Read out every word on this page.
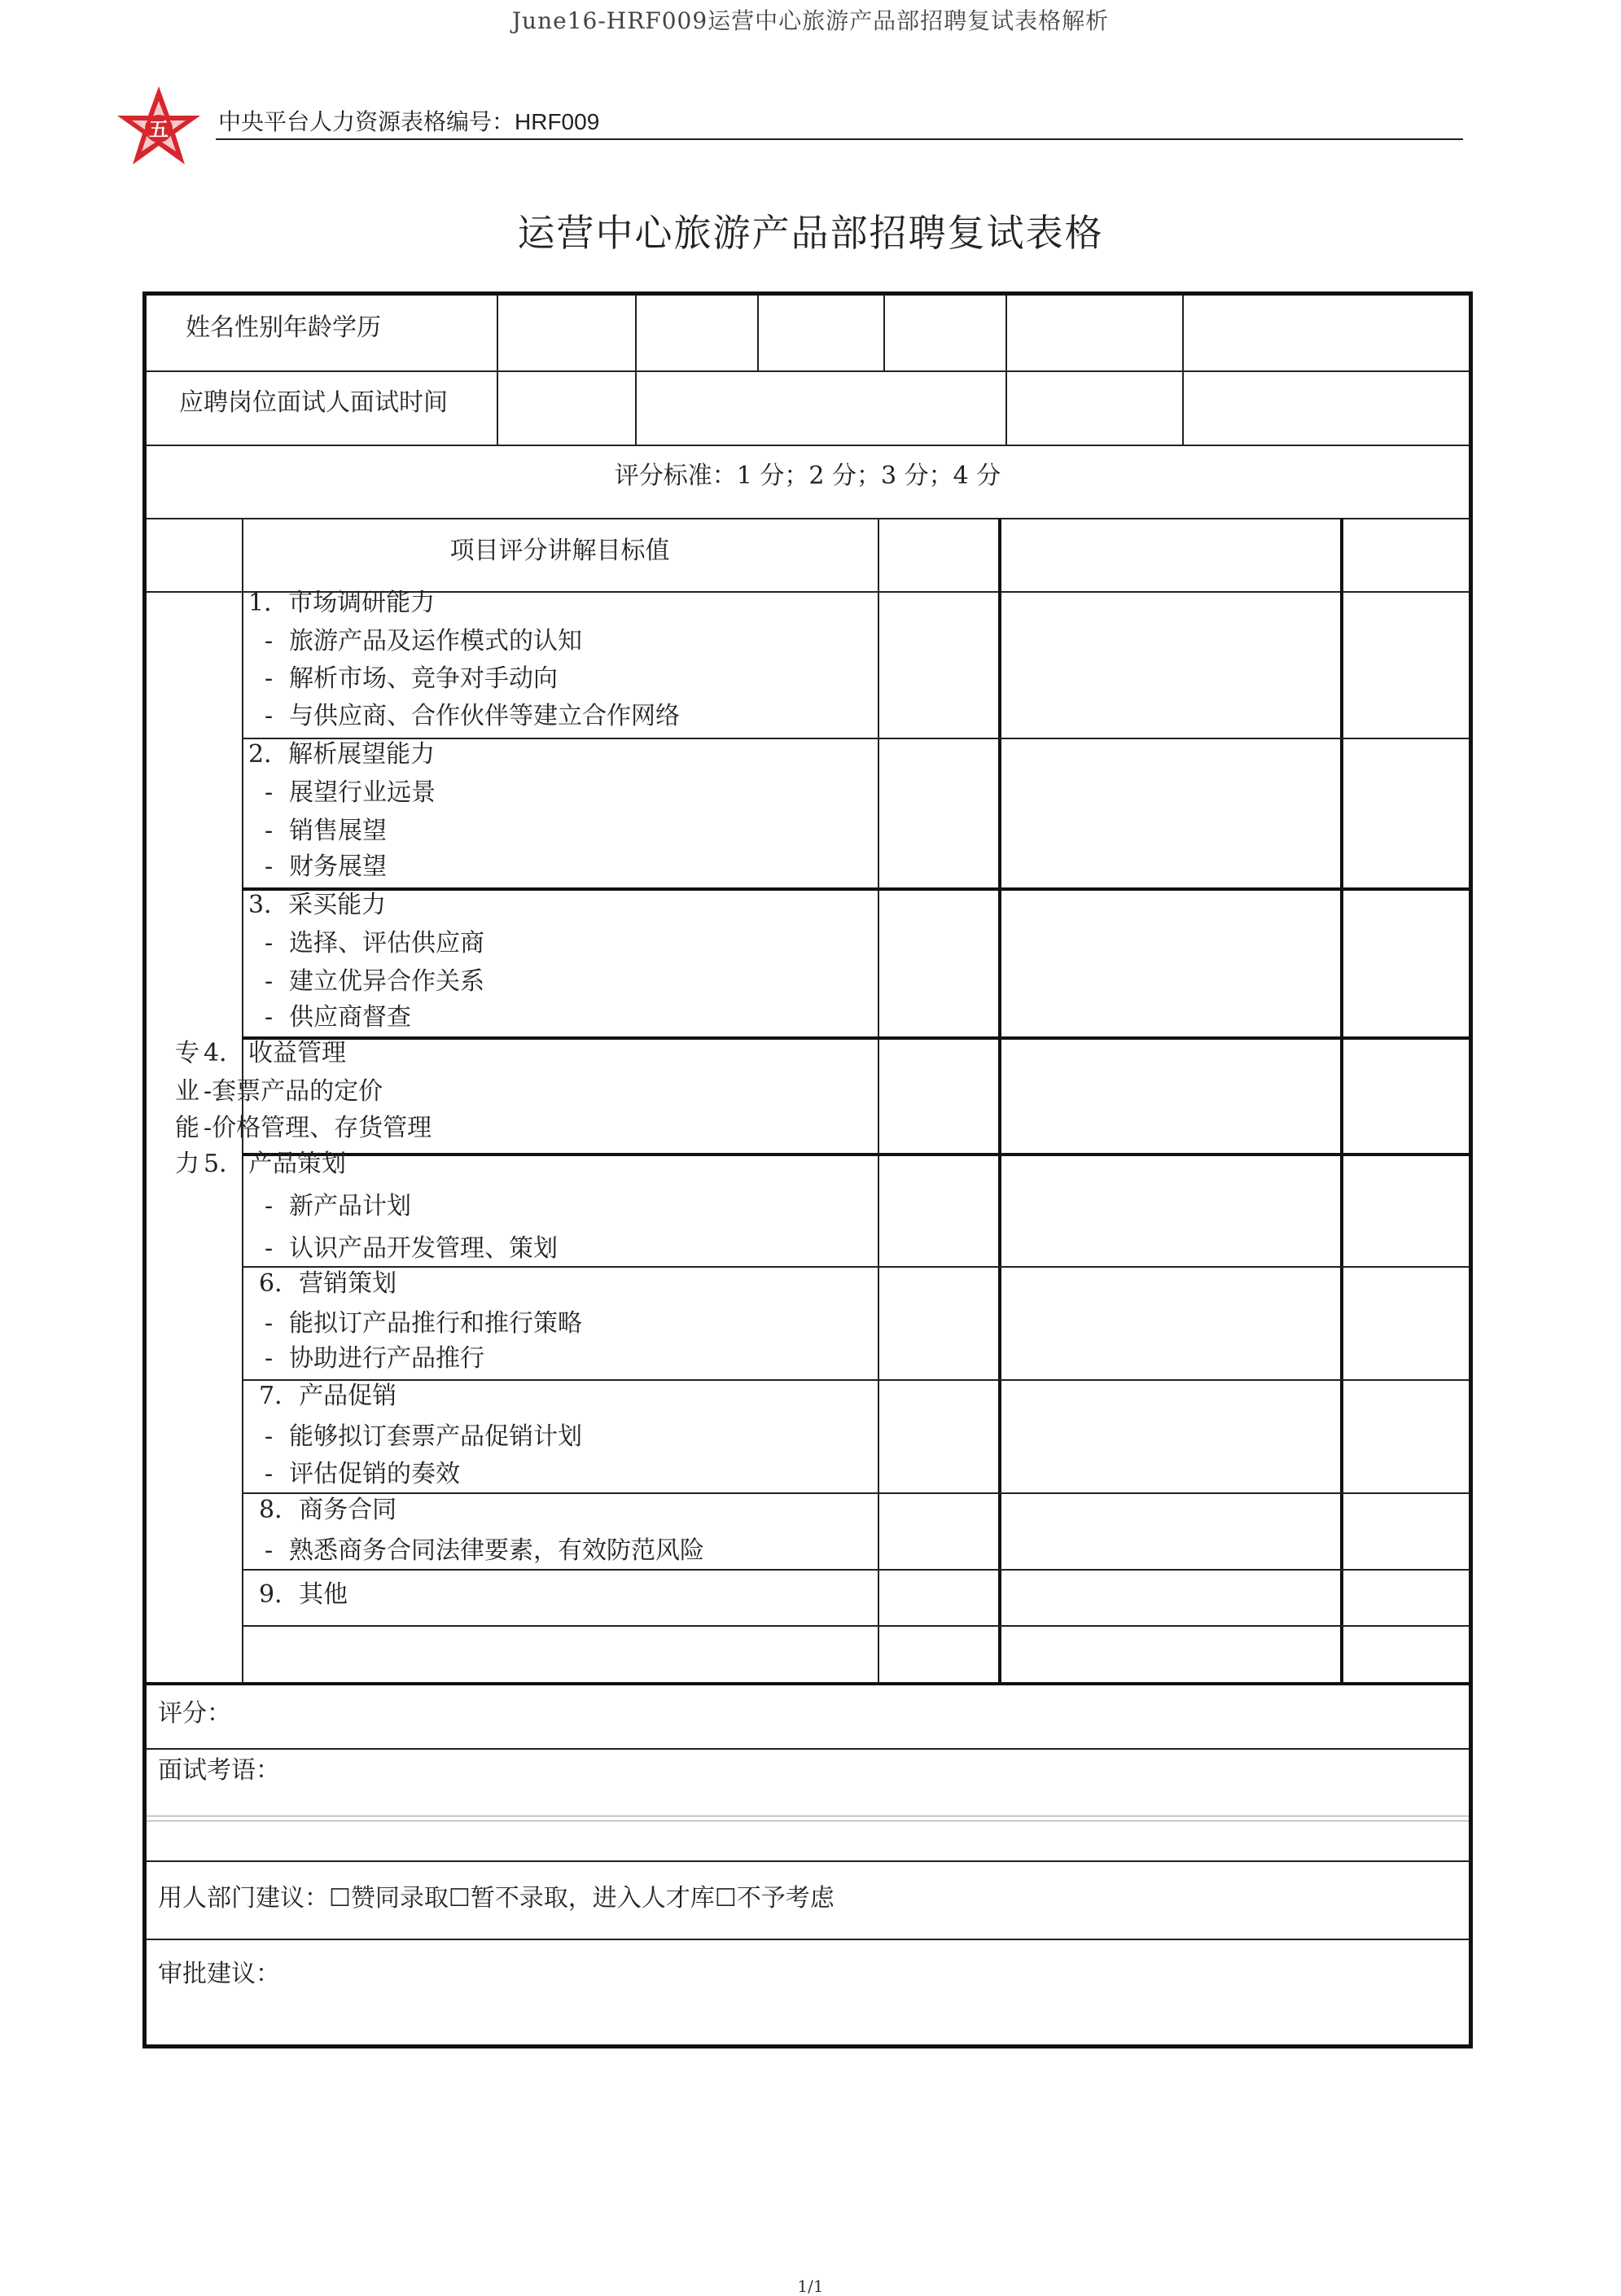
June16-HRF009运营中心旅游产品部招聘复试表格解析
五 中央平台人力资源表格编号：HRF009
运营中心旅游产品部招聘复试表格
姓名性别年龄学历
应聘岗位面试人面试时间
评分标准：1 分；2 分；3 分；4 分
项目评分讲解目标值
1．市场调研能力
- 旅游产品及运作模式的认知
- 解析市场、竞争对手动向
- 与供应商、合作伙伴等建立合作网络
2．解析展望能力
- 展望行业远景
- 销售展望
- 财务展望
3．采买能力
- 选择、评估供应商
- 建立优异合作关系
- 供应商督查
专 4． 收益管理
业 -套票产品的定价
能 -价格管理、存货管理
力 5． 产品策划
- 新产品计划
- 认识产品开发管理、策划
6．营销策划
- 能拟订产品推行和推行策略
- 协助进行产品推行
7．产品促销
- 能够拟订套票产品促销计划
- 评估促销的奏效
8．商务合同
- 熟悉商务合同法律要素，有效防范风险
9．其他
评分：
面试考语：
用人部门建议：☐赞同录取☐暂不录取，进入人才库☐不予考虑
审批建议：
1/1
